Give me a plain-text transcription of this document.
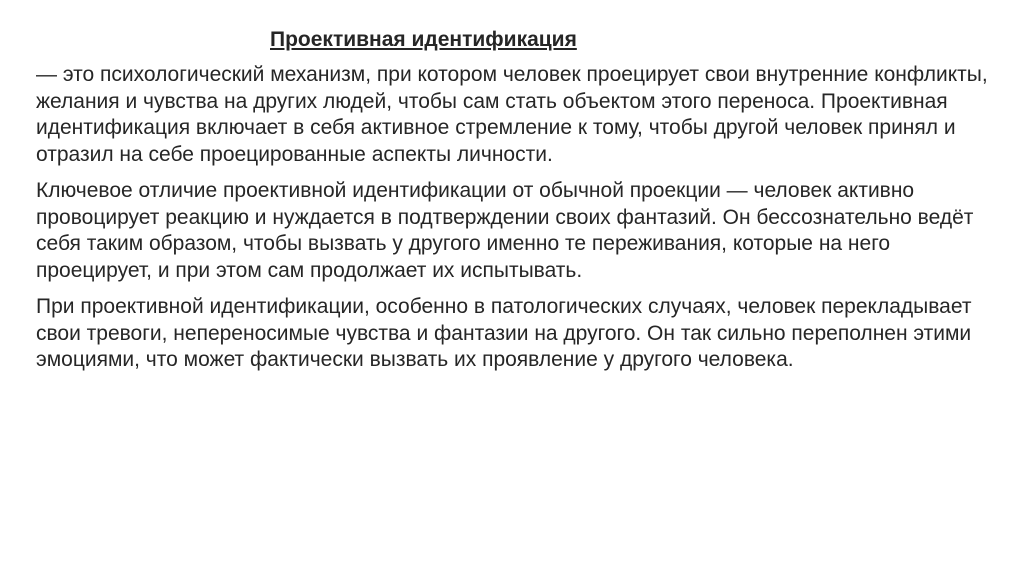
Проективная идентификация

— это психологический механизм, при котором человек проецирует свои внутренние конфликты, желания и чувства на других людей, чтобы сам стать объектом этого переноса. Проективная идентификация включает в себя активное стремление к тому, чтобы другой человек принял и отразил на себе проецированные аспекты личности.

Ключевое отличие проективной идентификации от обычной проекции — человек активно провоцирует реакцию и нуждается в подтверждении своих фантазий. Он бессознательно ведёт себя таким образом, чтобы вызвать у другого именно те переживания, которые на него проецирует, и при этом сам продолжает их испытывать.

При проективной идентификации, особенно в патологических случаях, человек перекладывает свои тревоги, непереносимые чувства и фантазии на другого. Он так сильно переполнен этими эмоциями, что может фактически вызвать их проявление у другого человека.
